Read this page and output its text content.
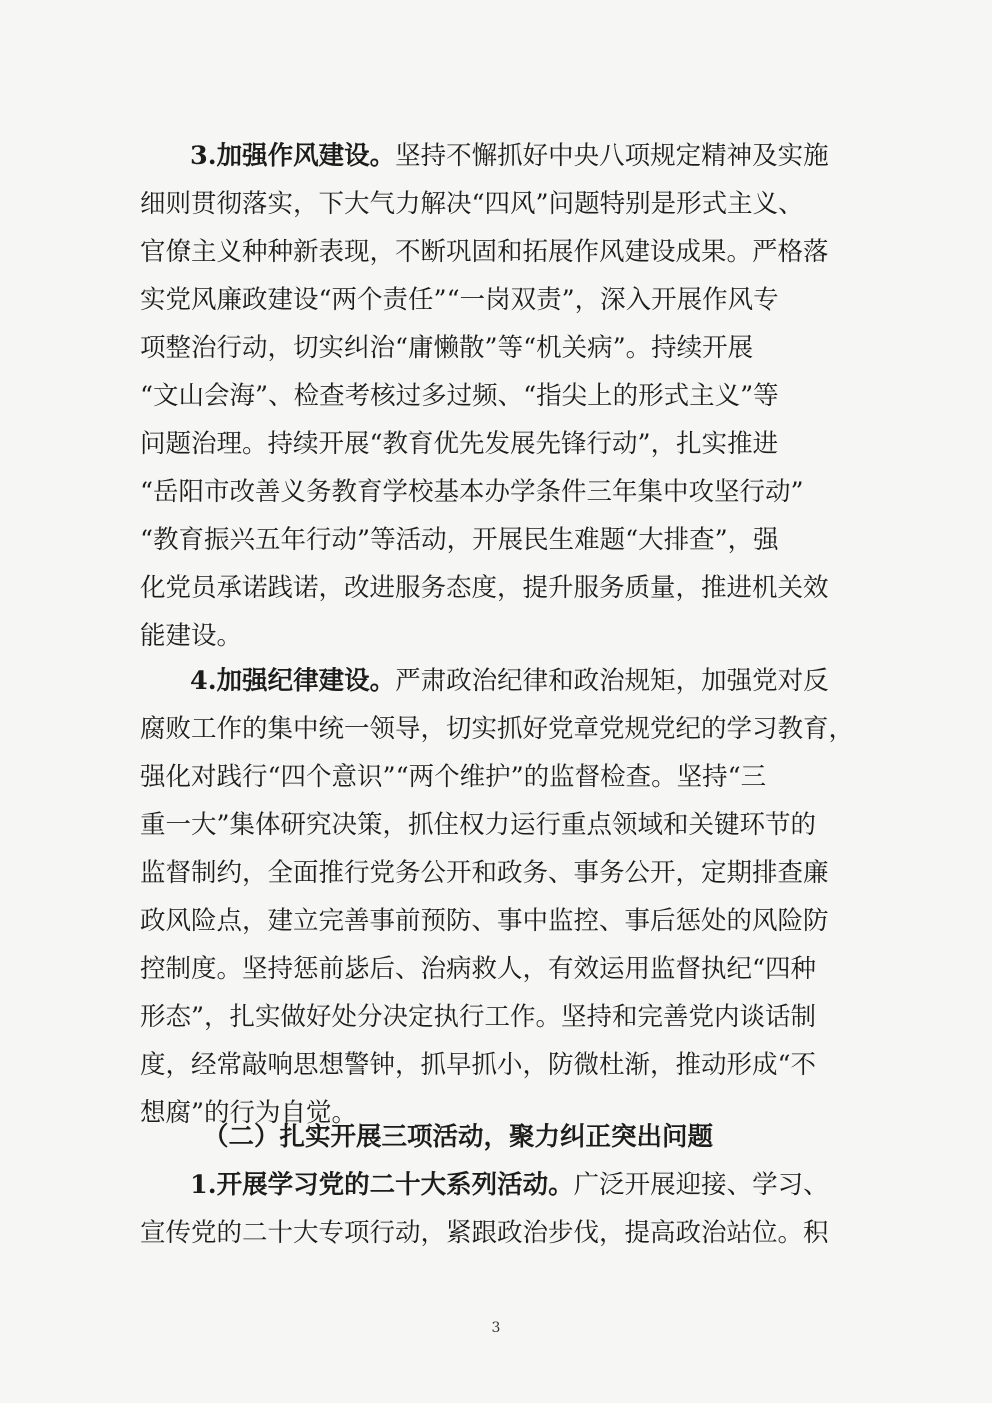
3.加强作风建设。坚持不懈抓好中央八项规定精神及实施
细则贯彻落实，下大气力解决“四风”问题特别是形式主义、
官僚主义种种新表现，不断巩固和拓展作风建设成果。严格落
实党风廉政建设“两个责任”“一岗双责”，深入开展作风专
项整治行动，切实纠治“庸懒散”等“机关病”。持续开展
“文山会海”、检查考核过多过频、“指尖上的形式主义”等
问题治理。持续开展“教育优先发展先锋行动”，扎实推进
“岳阳市改善义务教育学校基本办学条件三年集中攻坚行动”
“教育振兴五年行动”等活动，开展民生难题“大排查”，强
化党员承诺践诺，改进服务态度，提升服务质量，推进机关效
能建设。
4.加强纪律建设。严肃政治纪律和政治规矩，加强党对反
腐败工作的集中统一领导，切实抓好党章党规党纪的学习教育，
强化对践行“四个意识”“两个维护”的监督检查。坚持“三
重一大”集体研究决策，抓住权力运行重点领域和关键环节的
监督制约，全面推行党务公开和政务、事务公开，定期排查廉
政风险点，建立完善事前预防、事中监控、事后惩处的风险防
控制度。坚持惩前毖后、治病救人，有效运用监督执纪“四种
形态”，扎实做好处分决定执行工作。坚持和完善党内谈话制
度，经常敲响思想警钟，抓早抓小，防微杜渐，推动形成“不
想腐”的行为自觉。
（二）扎实开展三项活动，聚力纠正突出问题
1.开展学习党的二十大系列活动。广泛开展迎接、学习、
宣传党的二十大专项行动，紧跟政治步伐，提高政治站位。积
3
